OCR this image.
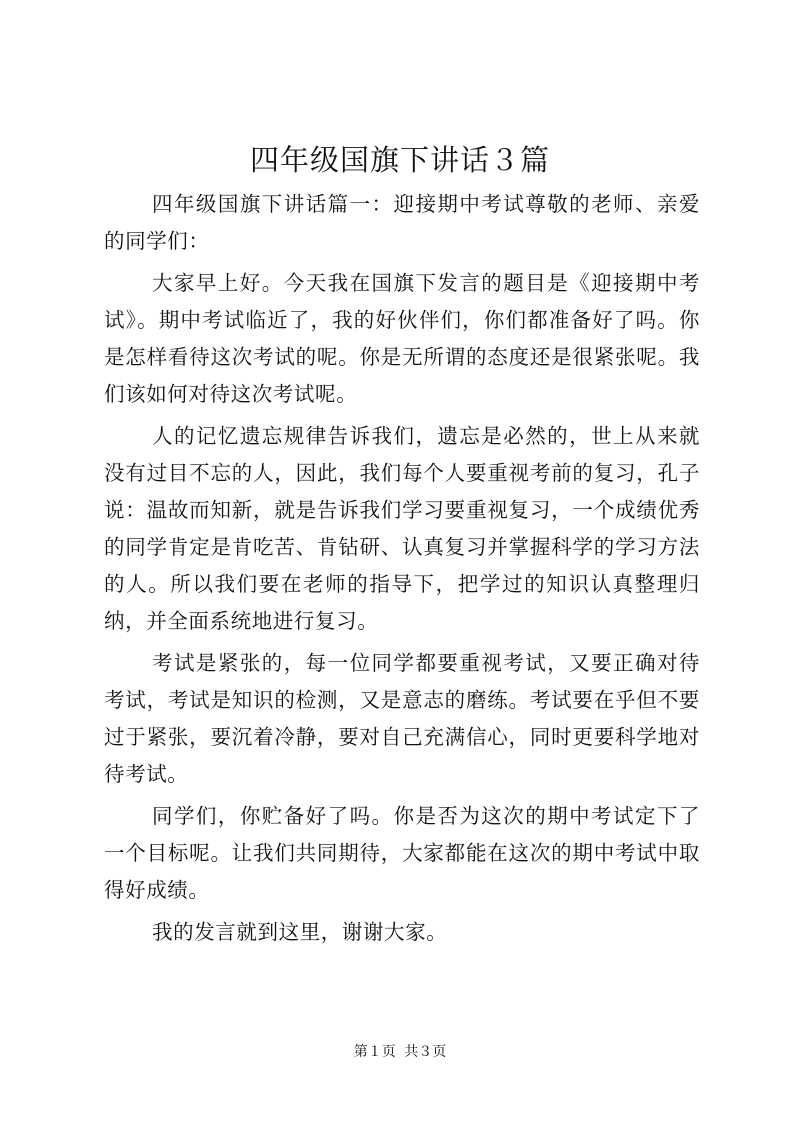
四年级国旗下讲话３篇

四年级国旗下讲话篇一：迎接期中考试尊敬的老师、亲爱的同学们：

大家早上好。今天我在国旗下发言的题目是《迎接期中考试》。期中考试临近了，我的好伙伴们，你们都准备好了吗。你是怎样看待这次考试的呢。你是无所谓的态度还是很紧张呢。我们该如何对待这次考试呢。

人的记忆遗忘规律告诉我们，遗忘是必然的，世上从来就没有过目不忘的人，因此，我们每个人要重视考前的复习，孔子说：温故而知新，就是告诉我们学习要重视复习，一个成绩优秀的同学肯定是肯吃苦、肯钻研、认真复习并掌握科学的学习方法的人。所以我们要在老师的指导下，把学过的知识认真整理归纳，并全面系统地进行复习。

考试是紧张的，每一位同学都要重视考试，又要正确对待考试，考试是知识的检测，又是意志的磨练。考试要在乎但不要过于紧张，要沉着冷静，要对自己充满信心，同时更要科学地对待考试。

同学们，你贮备好了吗。你是否为这次的期中考试定下了一个目标呢。让我们共同期待，大家都能在这次的期中考试中取得好成绩。

我的发言就到这里，谢谢大家。

第１页 共３页
